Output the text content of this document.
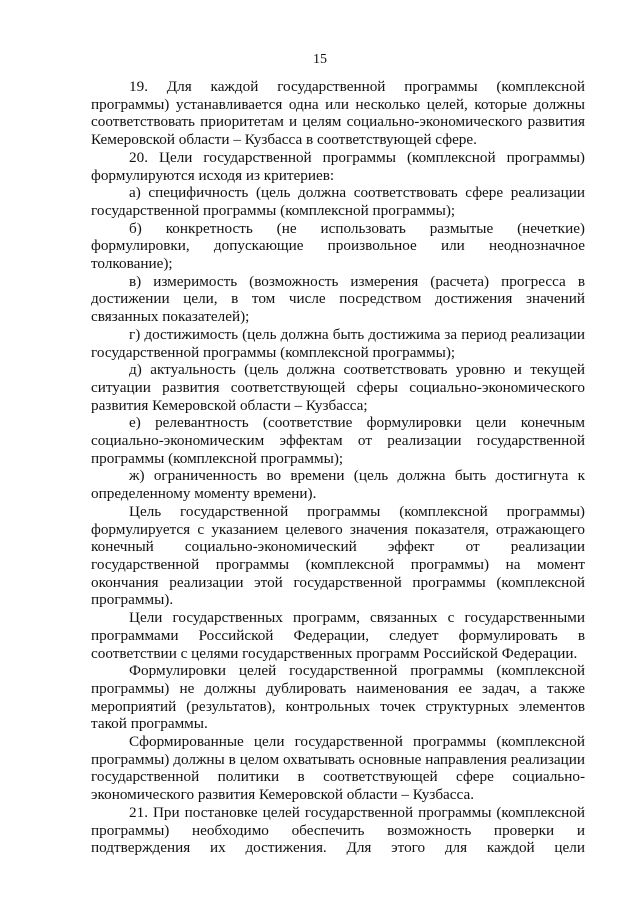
15

19. Для каждой государственной программы (комплексной программы) устанавливается одна или несколько целей, которые должны соответствовать приоритетам и целям социально-экономического развития Кемеровской области – Кузбасса в соответствующей сфере.

20. Цели государственной программы (комплексной программы) формулируются исходя из критериев:

а) специфичность (цель должна соответствовать сфере реализации государственной программы (комплексной программы);

б) конкретность (не использовать размытые (нечеткие) формулировки, допускающие произвольное или неоднозначное толкование);

в) измеримость (возможность измерения (расчета) прогресса в достижении цели, в том числе посредством достижения значений связанных показателей);

г) достижимость (цель должна быть достижима за период реализации государственной программы (комплексной программы);

д) актуальность (цель должна соответствовать уровню и текущей ситуации развития соответствующей сферы социально-экономического развития Кемеровской области – Кузбасса;

е) релевантность (соответствие формулировки цели конечным социально-экономическим эффектам от реализации государственной программы (комплексной программы);

ж) ограниченность во времени (цель должна быть достигнута к определенному моменту времени).

Цель государственной программы (комплексной программы) формулируется с указанием целевого значения показателя, отражающего конечный социально-экономический эффект от реализации государственной программы (комплексной программы) на момент окончания реализации этой государственной программы (комплексной программы).

Цели государственных программ, связанных с государственными программами Российской Федерации, следует формулировать в соответствии с целями государственных программ Российской Федерации.

Формулировки целей государственной программы (комплексной программы) не должны дублировать наименования ее задач, а также мероприятий (результатов), контрольных точек структурных элементов такой программы.

Сформированные цели государственной программы (комплексной программы) должны в целом охватывать основные направления реализации государственной политики в соответствующей сфере социально-экономического развития Кемеровской области – Кузбасса.

21. При постановке целей государственной программы (комплексной программы) необходимо обеспечить возможность проверки и подтверждения их достижения. Для этого для каждой цели
